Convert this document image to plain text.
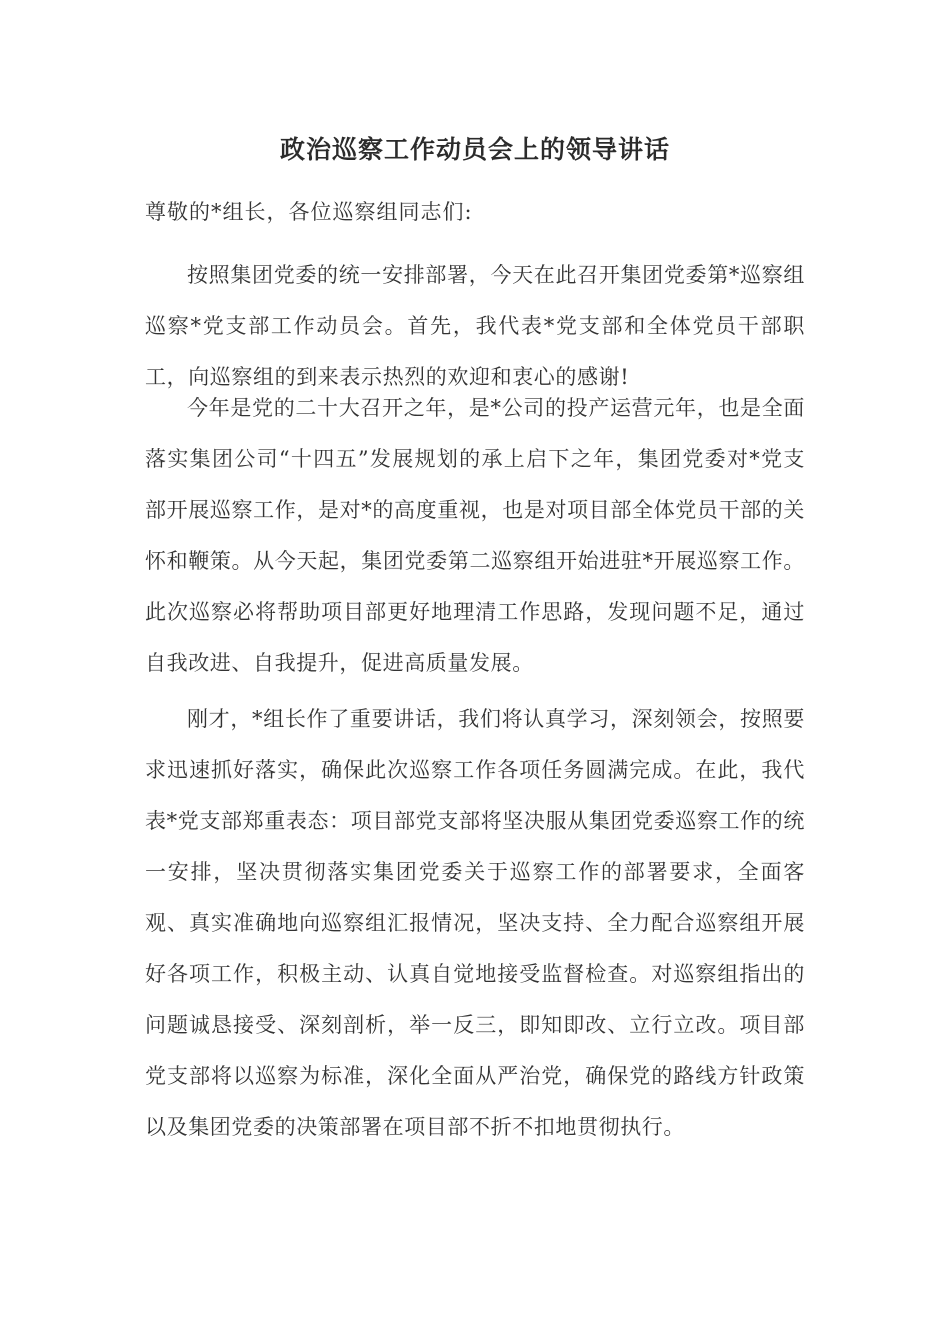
政治巡察工作动员会上的领导讲话
尊敬的*组长，各位巡察组同志们:

按照集团党委的统一安排部署，今天在此召开集团党委第*巡察组巡察*党支部工作动员会。首先，我代表*党支部和全体党员干部职工，向巡察组的到来表示热烈的欢迎和衷心的感谢!

今年是党的二十大召开之年，是*公司的投产运营元年，也是全面落实集团公司“十四五”发展规划的承上启下之年，集团党委对*党支部开展巡察工作，是对*的高度重视，也是对项目部全体党员干部的关怀和鞭策。从今天起，集团党委第二巡察组开始进驻*开展巡察工作。此次巡察必将帮助项目部更好地理清工作思路，发现问题不足，通过自我改进、自我提升，促进高质量发展。

刚才，*组长作了重要讲话，我们将认真学习，深刻领会，按照要求迅速抓好落实，确保此次巡察工作各项任务圆满完成。在此，我代表*党支部郑重表态：项目部党支部将坚决服从集团党委巡察工作的统一安排，坚决贯彻落实集团党委关于巡察工作的部署要求，全面客观、真实准确地向巡察组汇报情况，坚决支持、全力配合巡察组开展好各项工作，积极主动、认真自觉地接受监督检查。对巡察组指出的问题诚恳接受、深刻剖析，举一反三，即知即改、立行立改。项目部党支部将以巡察为标准，深化全面从严治党，确保党的路线方针政策以及集团党委的决策部署在项目部不折不扣地贯彻执行。
